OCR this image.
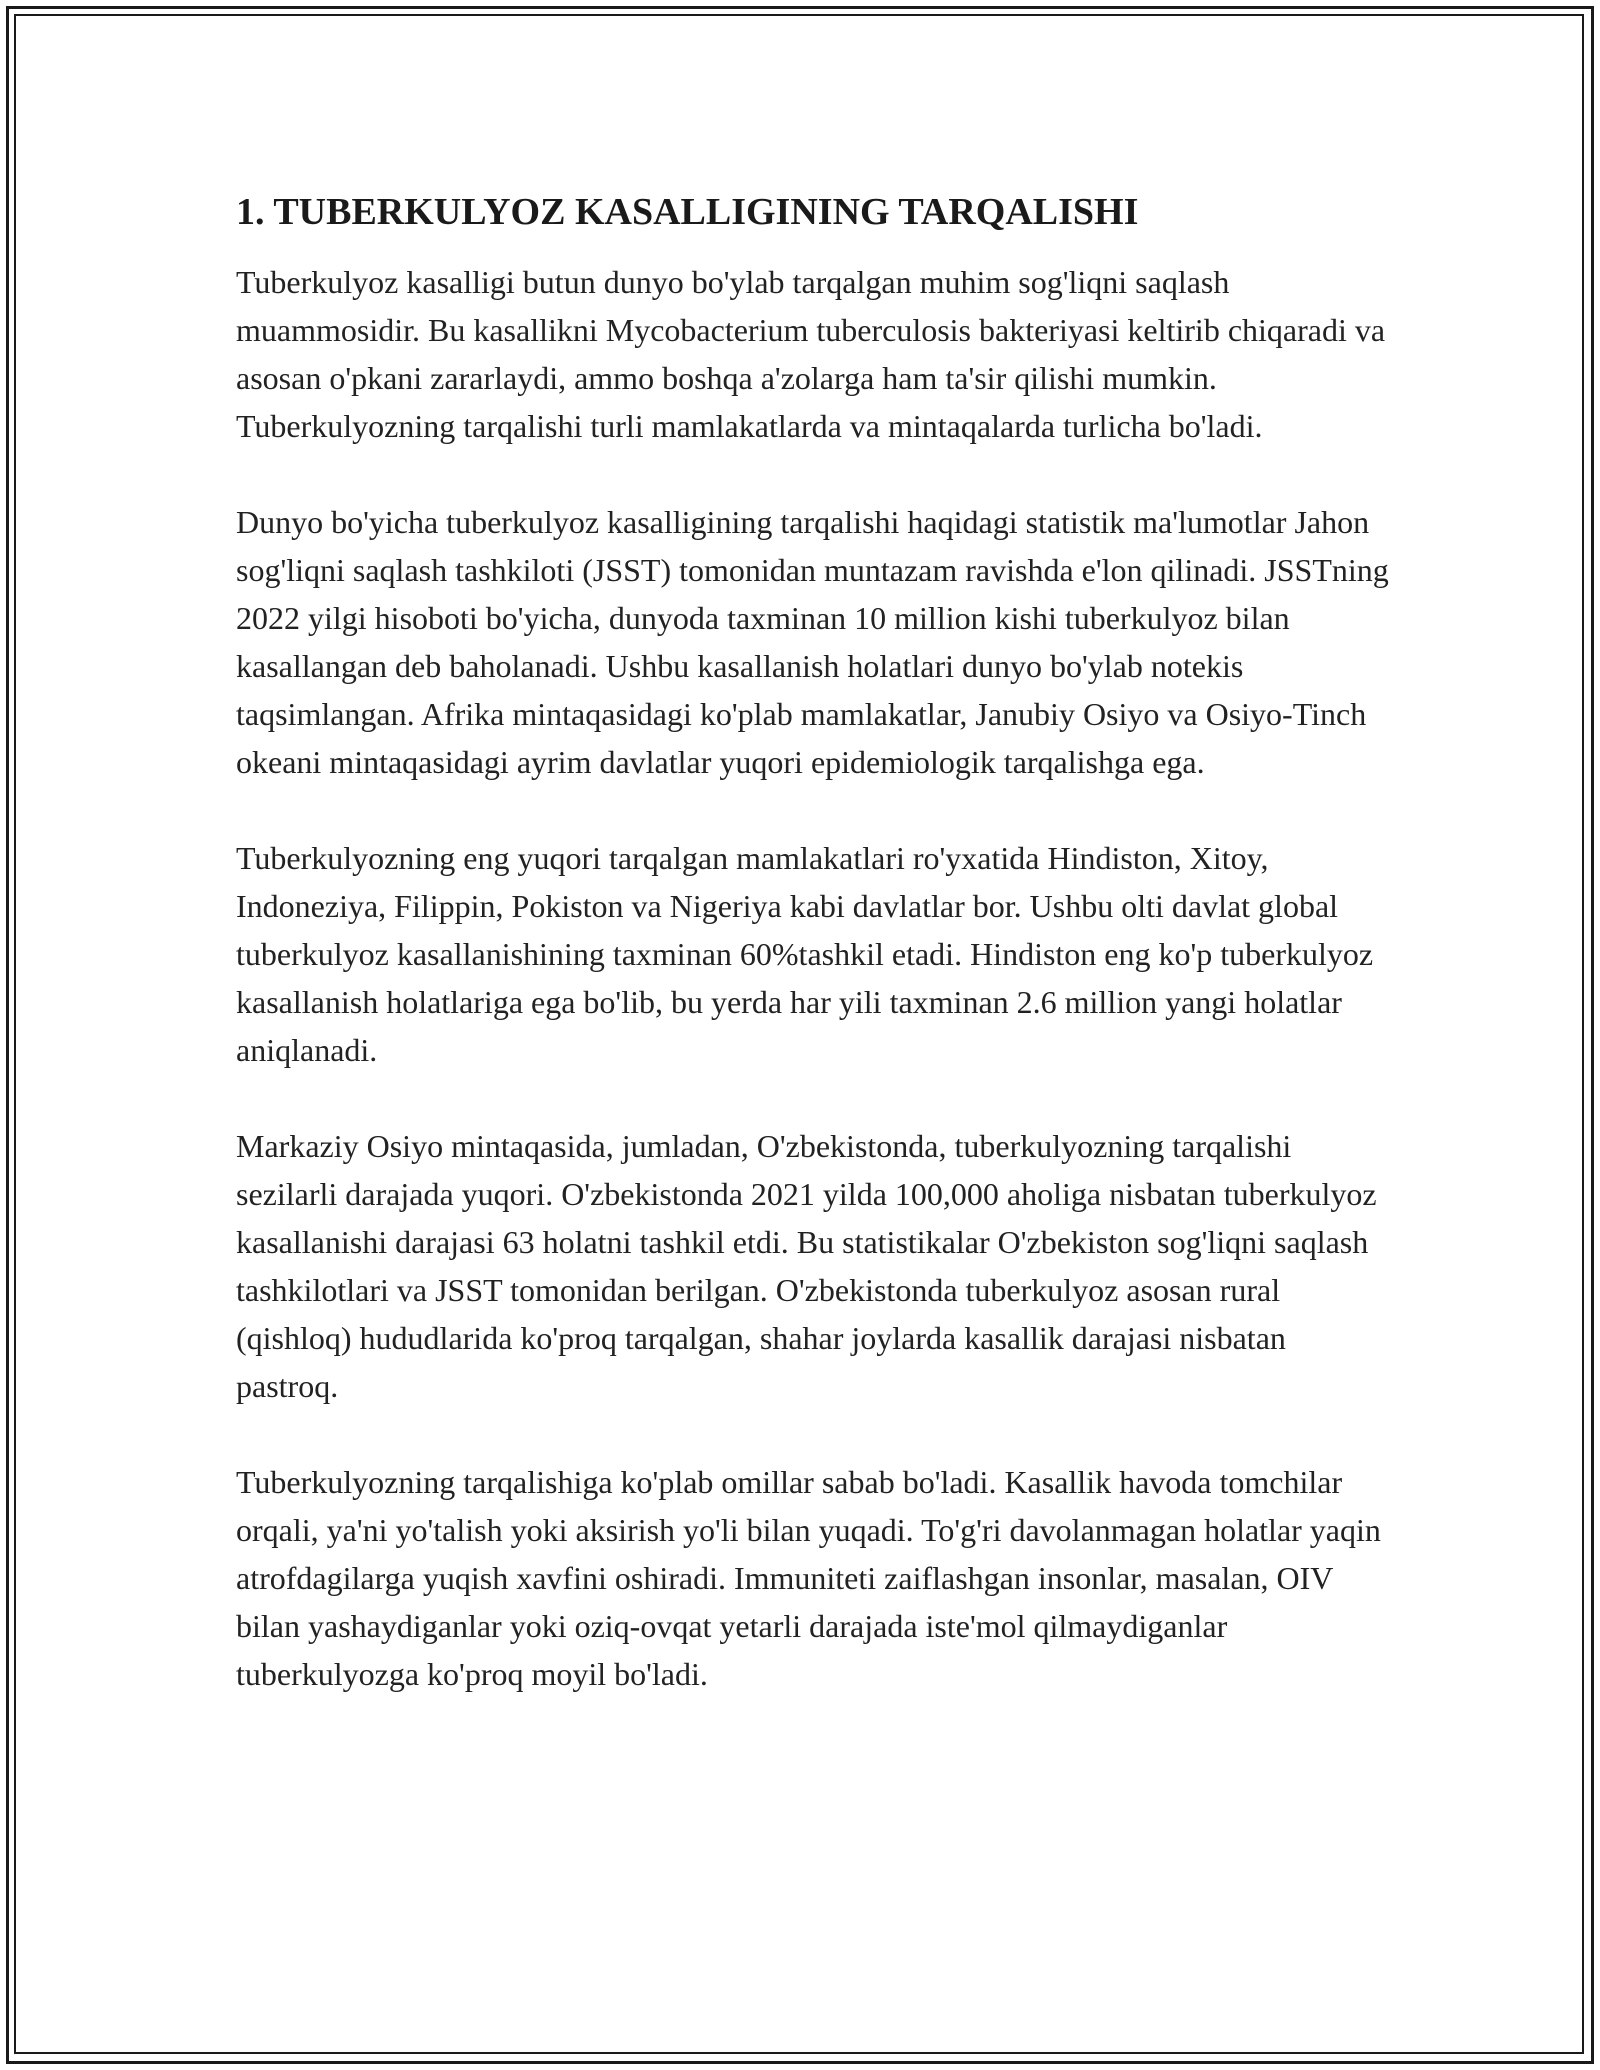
1. TUBERKULYOZ KASALLIGINING TARQALISHI

Tuberkulyoz kasalligi butun dunyo bo'ylab tarqalgan muhim sog'liqni saqlash muammosidir. Bu kasallikni Mycobacterium tuberculosis bakteriyasi keltirib chiqaradi va asosan o'pkani zararlaydi, ammo boshqa a'zolarga ham ta'sir qilishi mumkin. Tuberkulyozning tarqalishi turli mamlakatlarda va mintaqalarda turlicha bo'ladi.

Dunyo bo'yicha tuberkulyoz kasalligining tarqalishi haqidagi statistik ma'lumotlar Jahon sog'liqni saqlash tashkiloti (JSST) tomonidan muntazam ravishda e'lon qilinadi. JSSTning 2022 yilgi hisoboti bo'yicha, dunyoda taxminan 10 million kishi tuberkulyoz bilan kasallangan deb baholanadi. Ushbu kasallanish holatlari dunyo bo'ylab notekis taqsimlangan. Afrika mintaqasidagi ko'plab mamlakatlar, Janubiy Osiyo va Osiyo-Tinch okeani mintaqasidagi ayrim davlatlar yuqori epidemiologik tarqalishga ega.

Tuberkulyozning eng yuqori tarqalgan mamlakatlari ro'yxatida Hindiston, Xitoy, Indoneziya, Filippin, Pokiston va Nigeriya kabi davlatlar bor. Ushbu olti davlat global tuberkulyoz kasallanishining taxminan 60%tashkil etadi. Hindiston eng ko'p tuberkulyoz kasallanish holatlariga ega bo'lib, bu yerda har yili taxminan 2.6 million yangi holatlar aniqlanadi.

Markaziy Osiyo mintaqasida, jumladan, O'zbekistonda, tuberkulyozning tarqalishi sezilarli darajada yuqori. O'zbekistonda 2021 yilda 100,000 aholiga nisbatan tuberkulyoz kasallanishi darajasi 63 holatni tashkil etdi. Bu statistikalar O'zbekiston sog'liqni saqlash tashkilotlari va JSST tomonidan berilgan. O'zbekistonda tuberkulyoz asosan rural (qishloq) hududlarida ko'proq tarqalgan, shahar joylarda kasallik darajasi nisbatan pastroq.

Tuberkulyozning tarqalishiga ko'plab omillar sabab bo'ladi. Kasallik havoda tomchilar orqali, ya'ni yo'talish yoki aksirish yo'li bilan yuqadi. To'g'ri davolanmagan holatlar yaqin atrofdagilarga yuqish xavfini oshiradi. Immuniteti zaiflashgan insonlar, masalan, OIV bilan yashaydiganlar yoki oziq-ovqat yetarli darajada iste'mol qilmaydiganlar tuberkulyozga ko'proq moyil bo'ladi.
